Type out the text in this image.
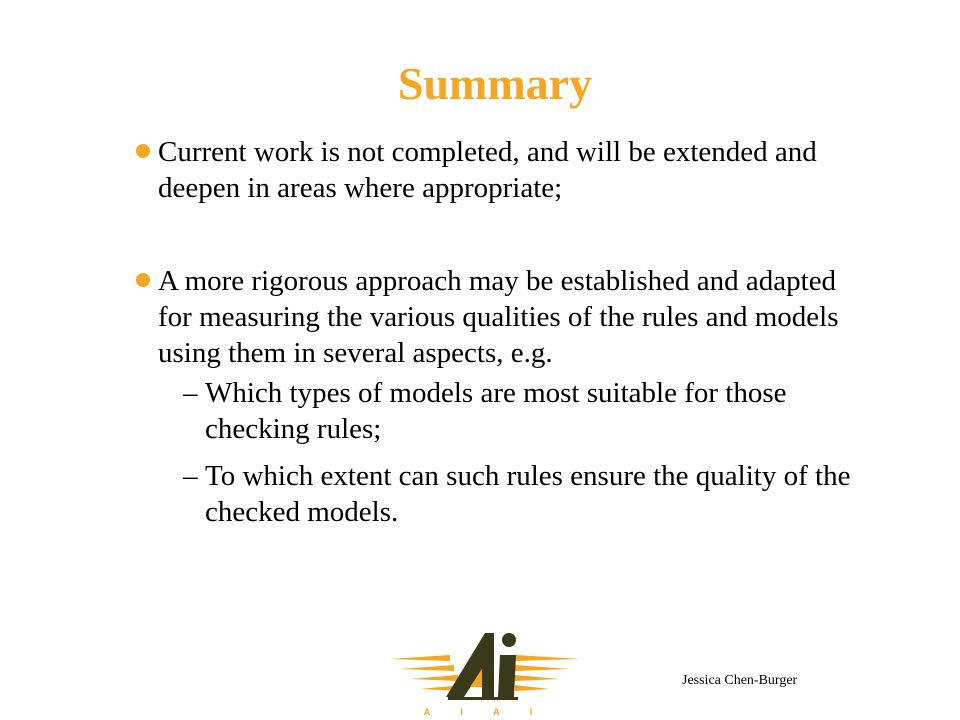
Summary
Current work is not completed, and will be extended and deepen in areas where appropriate;
A more rigorous approach may be established and adapted for measuring the various qualities of the rules and models using them in several aspects, e.g.
– Which types of models are most suitable for those checking rules;
– To which extent can such rules ensure the quality of the checked models.
A I A I
Jessica Chen-Burger
